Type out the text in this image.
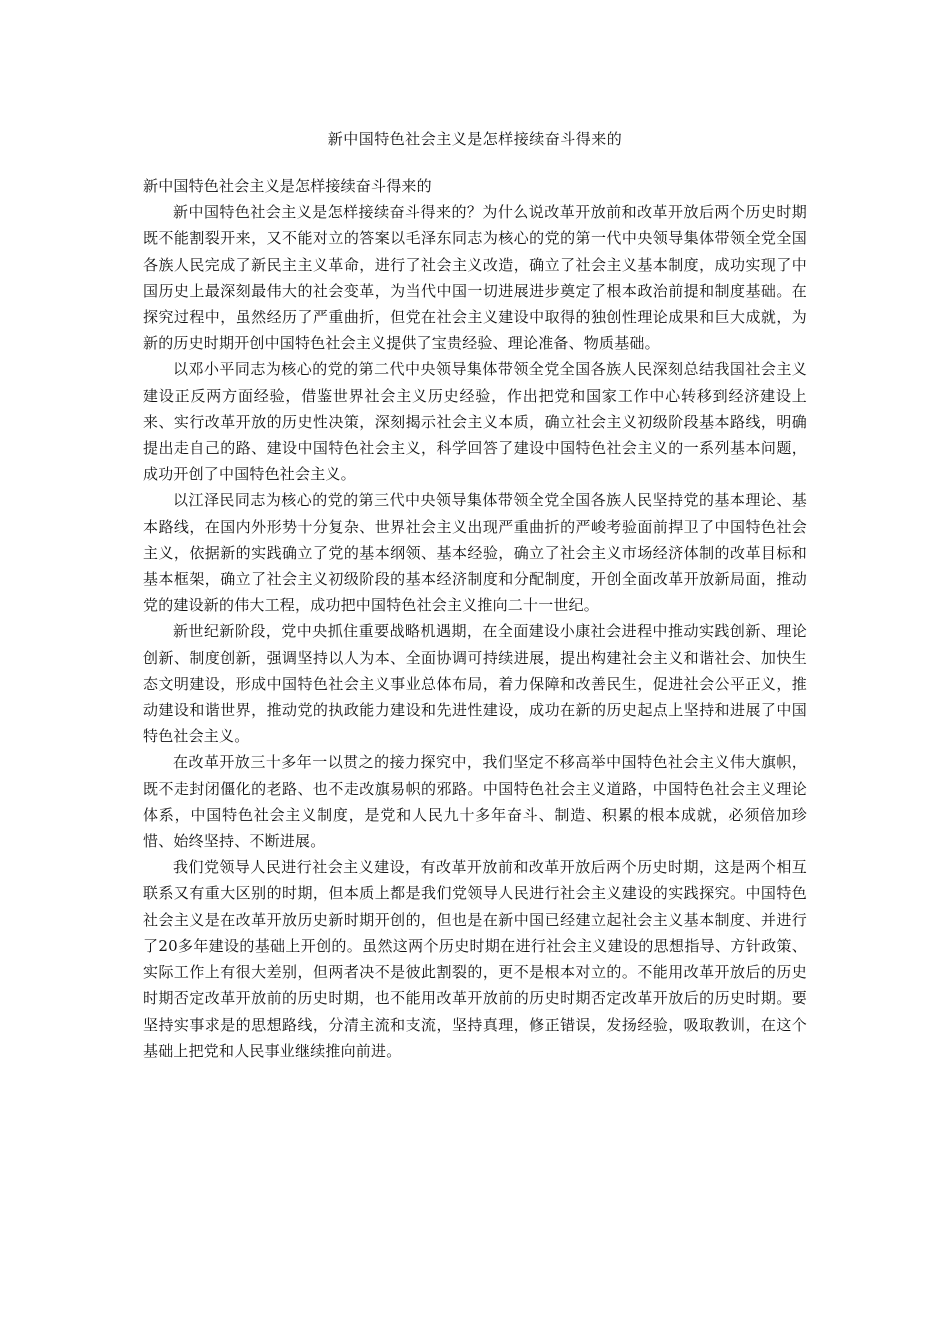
新中国特色社会主义是怎样接续奋斗得来的

新中国特色社会主义是怎样接续奋斗得来的

新中国特色社会主义是怎样接续奋斗得来的？为什么说改革开放前和改革开放后两个历史时期既不能割裂开来，又不能对立的答案以毛泽东同志为核心的党的第一代中央领导集体带领全党全国各族人民完成了新民主主义革命，进行了社会主义改造，确立了社会主义基本制度，成功实现了中国历史上最深刻最伟大的社会变革，为当代中国一切进展进步奠定了根本政治前提和制度基础。在探究过程中，虽然经历了严重曲折，但党在社会主义建设中取得的独创性理论成果和巨大成就，为新的历史时期开创中国特色社会主义提供了宝贵经验、理论准备、物质基础。

以邓小平同志为核心的党的第二代中央领导集体带领全党全国各族人民深刻总结我国社会主义建设正反两方面经验，借鉴世界社会主义历史经验，作出把党和国家工作中心转移到经济建设上来、实行改革开放的历史性决策，深刻揭示社会主义本质，确立社会主义初级阶段基本路线，明确提出走自己的路、建设中国特色社会主义，科学回答了建设中国特色社会主义的一系列基本问题，成功开创了中国特色社会主义。

以江泽民同志为核心的党的第三代中央领导集体带领全党全国各族人民坚持党的基本理论、基本路线，在国内外形势十分复杂、世界社会主义出现严重曲折的严峻考验面前捍卫了中国特色社会主义，依据新的实践确立了党的基本纲领、基本经验，确立了社会主义市场经济体制的改革目标和基本框架，确立了社会主义初级阶段的基本经济制度和分配制度，开创全面改革开放新局面，推动党的建设新的伟大工程，成功把中国特色社会主义推向二十一世纪。

新世纪新阶段，党中央抓住重要战略机遇期，在全面建设小康社会进程中推动实践创新、理论创新、制度创新，强调坚持以人为本、全面协调可持续进展，提出构建社会主义和谐社会、加快生态文明建设，形成中国特色社会主义事业总体布局，着力保障和改善民生，促进社会公平正义，推动建设和谐世界，推动党的执政能力建设和先进性建设，成功在新的历史起点上坚持和进展了中国特色社会主义。

在改革开放三十多年一以贯之的接力探究中，我们坚定不移高举中国特色社会主义伟大旗帜，既不走封闭僵化的老路、也不走改旗易帜的邪路。中国特色社会主义道路，中国特色社会主义理论体系，中国特色社会主义制度，是党和人民九十多年奋斗、制造、积累的根本成就，必须倍加珍惜、始终坚持、不断进展。

我们党领导人民进行社会主义建设，有改革开放前和改革开放后两个历史时期，这是两个相互联系又有重大区别的时期，但本质上都是我们党领导人民进行社会主义建设的实践探究。中国特色社会主义是在改革开放历史新时期开创的，但也是在新中国已经建立起社会主义基本制度、并进行了20多年建设的基础上开创的。虽然这两个历史时期在进行社会主义建设的思想指导、方针政策、实际工作上有很大差别，但两者决不是彼此割裂的，更不是根本对立的。不能用改革开放后的历史时期否定改革开放前的历史时期，也不能用改革开放前的历史时期否定改革开放后的历史时期。要坚持实事求是的思想路线，分清主流和支流，坚持真理，修正错误，发扬经验，吸取教训，在这个基础上把党和人民事业继续推向前进。
